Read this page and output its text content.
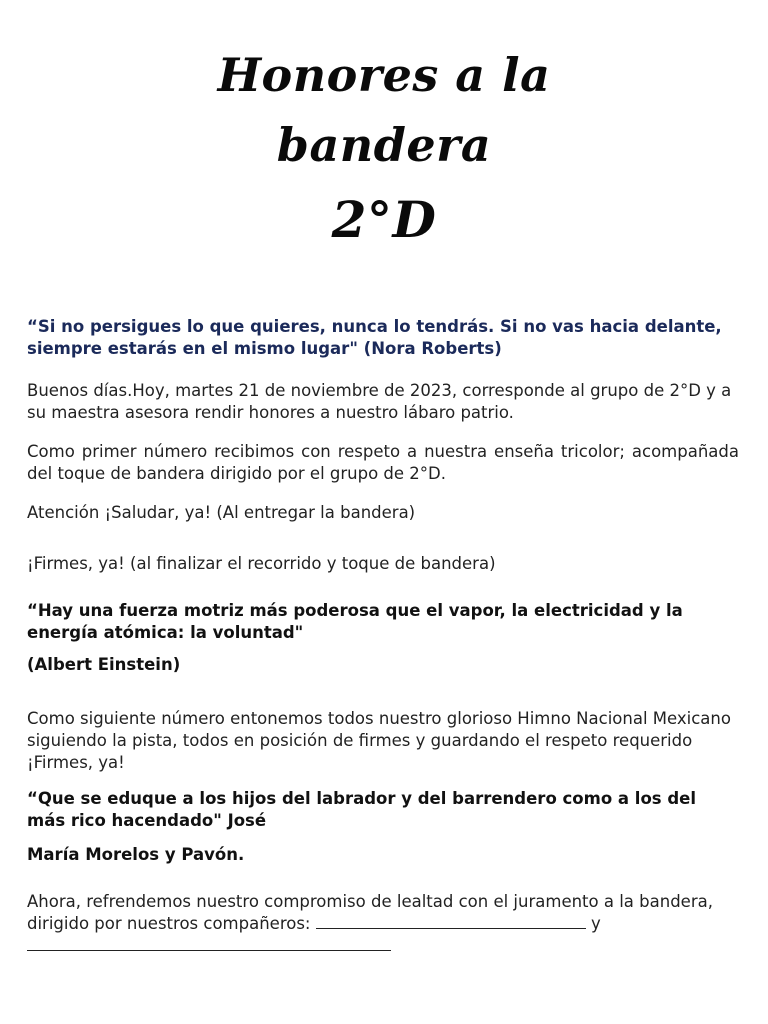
Honores a la
bandera
2°D
“Si no persigues lo que quieres, nunca lo tendrás. Si no vas hacia delante, siempre estarás en el mismo lugar" (Nora Roberts)
Buenos días.Hoy, martes 21 de noviembre de 2023, corresponde al grupo de 2°D y a su maestra asesora rendir honores a nuestro lábaro patrio.
Como primer número recibimos con respeto a nuestra enseña tricolor; acompañada del toque de bandera dirigido por el grupo de 2°D.
Atención ¡Saludar, ya! (Al entregar la bandera)
¡Firmes, ya! (al finalizar el recorrido y toque de bandera)
“Hay una fuerza motriz más poderosa que el vapor, la electricidad y la energía atómica: la voluntad"
(Albert Einstein)
Como siguiente número entonemos todos nuestro glorioso Himno Nacional Mexicano siguiendo la pista, todos en posición de firmes y guardando el respeto requerido ¡Firmes, ya!
“Que se eduque a los hijos del labrador y del barrendero como a los del más rico hacendado" José
María Morelos y Pavón.
Ahora, refrendemos nuestro compromiso de lealtad con el juramento a la bandera, dirigido por nuestros compañeros:	y
